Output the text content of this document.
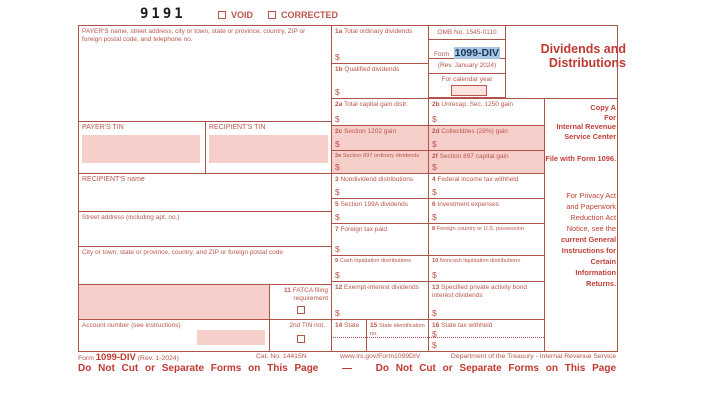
9191	VOID	CORRECTED
PAYER'S name, street address, city or town, state or province, country, ZIP or foreign postal code, and telephone no.
PAYER'S TIN	RECIPIENT'S TIN
RECIPIENT'S name
Street address (including apt. no.)
City or town, state or province, country, and ZIP or foreign postal code
11 FATCA filing requirement
Account number (see instructions)	2nd TIN not.
1a Total ordinary dividends
$
1b Qualified dividends
$
OMB No. 1545-0110
Form 1099-DIV
(Rev. January 2024)
For calendar year
Dividends and
Distributions
2a Total capital gain distr.
$
2b Unrecap. Sec. 1250 gain
$
2c Section 1202 gain
$
2d Collectibles (28%) gain
$
2e Section 897 ordinary dividends
$
2f Section 897 capital gain
$
3 Nondividend distributions
$
4 Federal income tax withheld
$
5 Section 199A dividends
$
6 Investment expenses
$
7 Foreign tax paid
$
8 Foreign country or U.S. possession
9 Cash liquidation distributions
$
10 Noncash liquidation distributions
$
12 Exempt-interest dividends
$
13 Specified private activity bond interest dividends
$
14 State	15 State identification no.
16 State tax withheld
$
$
Copy A
For
Internal Revenue
Service Center
File with Form 1096.
For Privacy Act
and Paperwork
Reduction Act
Notice, see the
current General
Instructions for
Certain
Information
Returns.
Form 1099-DIV (Rev. 1-2024)	Cat. No. 14415N	www.irs.gov/Form1099DIV	Department of the Treasury - Internal Revenue Service
Do Not Cut or Separate Forms on This Page — Do Not Cut or Separate Forms on This Page
